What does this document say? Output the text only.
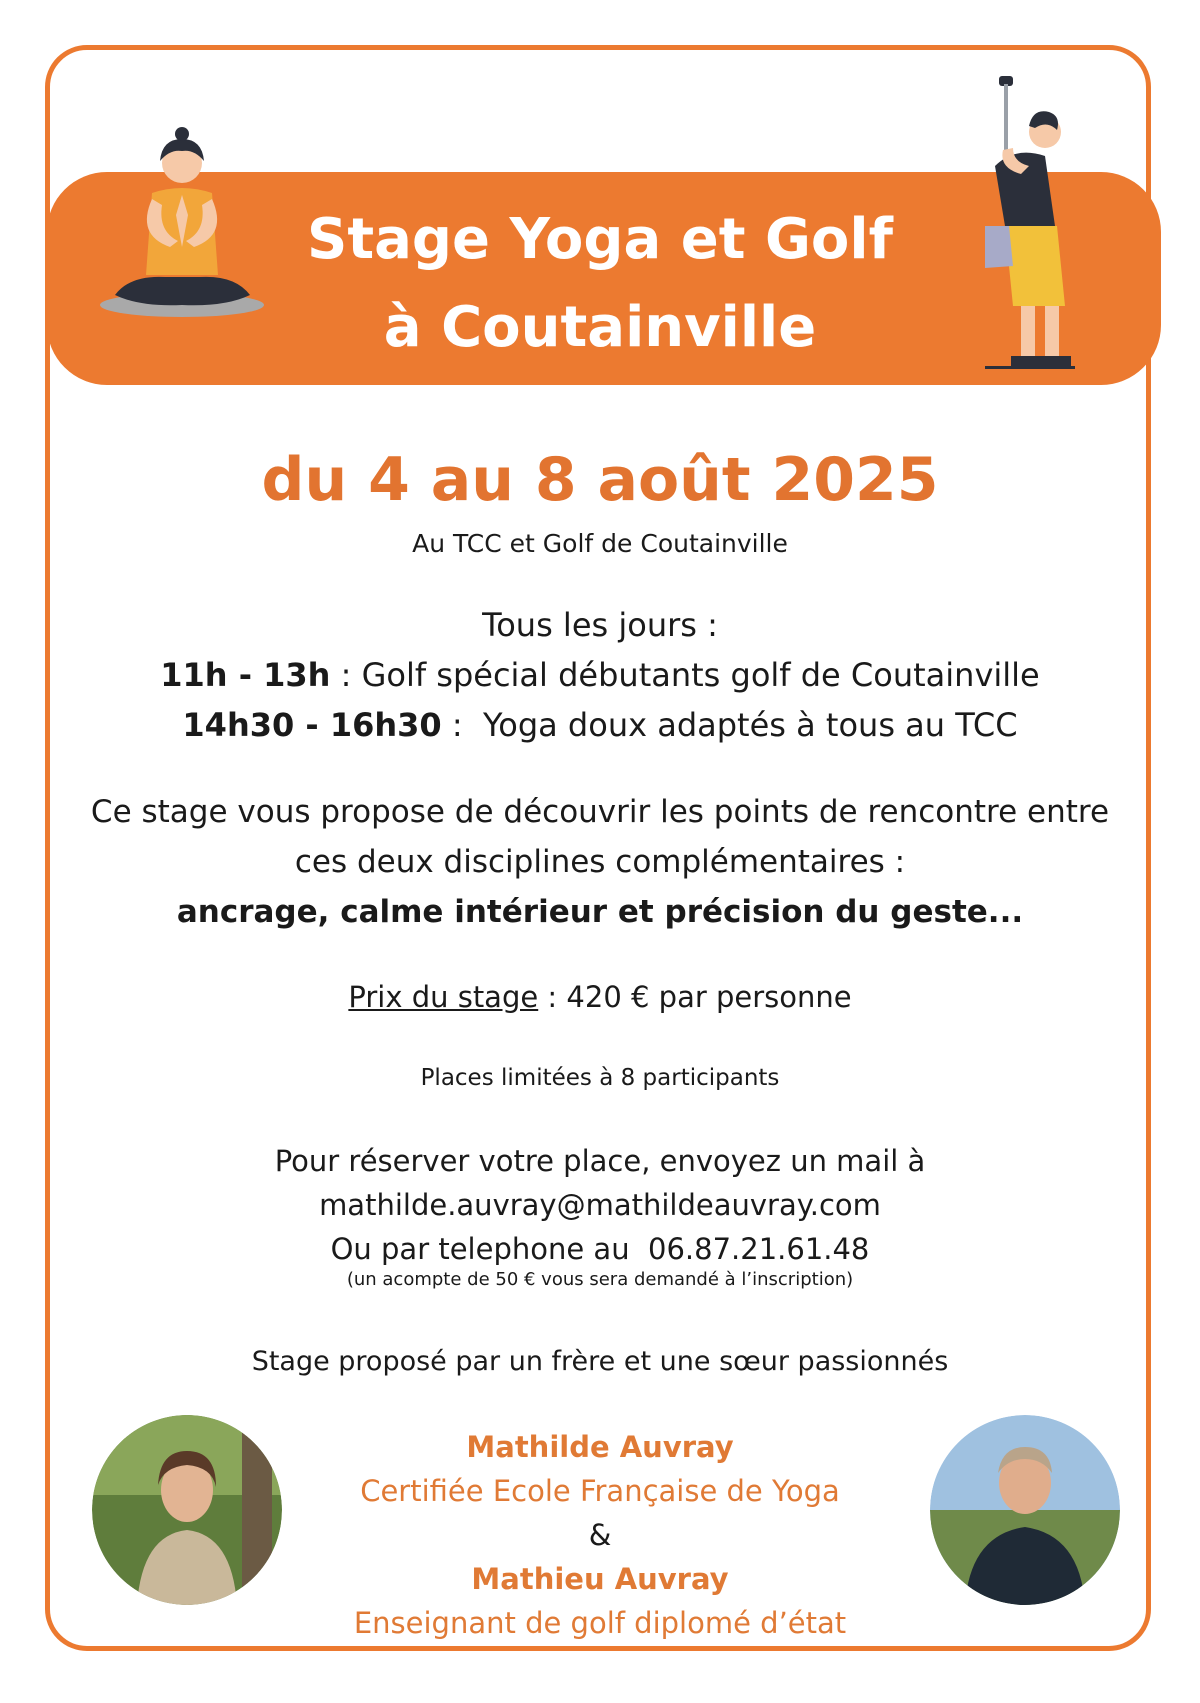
Stage Yoga et Golf
à Coutainville
du 4 au 8 août 2025
Au TCC et Golf de Coutainville
Tous les jours :
11h - 13h : Golf spécial débutants golf de Coutainville
14h30 - 16h30 :  Yoga doux adaptés à tous au TCC
Ce stage vous propose de découvrir les points de rencontre entre
ces deux disciplines complémentaires :
ancrage, calme intérieur et précision du geste...
Prix du stage : 420 € par personne
Places limitées à 8 participants
Pour réserver votre place, envoyez un mail à
mathilde.auvray@mathildeauvray.com
Ou par telephone au  06.87.21.61.48
(un acompte de 50 € vous sera demandé à l’inscription)
Stage proposé par un frère et une sœur passionnés
Mathilde Auvray
Certifiée Ecole Française de Yoga
&
Mathieu Auvray
Enseignant de golf diplomé d’état
